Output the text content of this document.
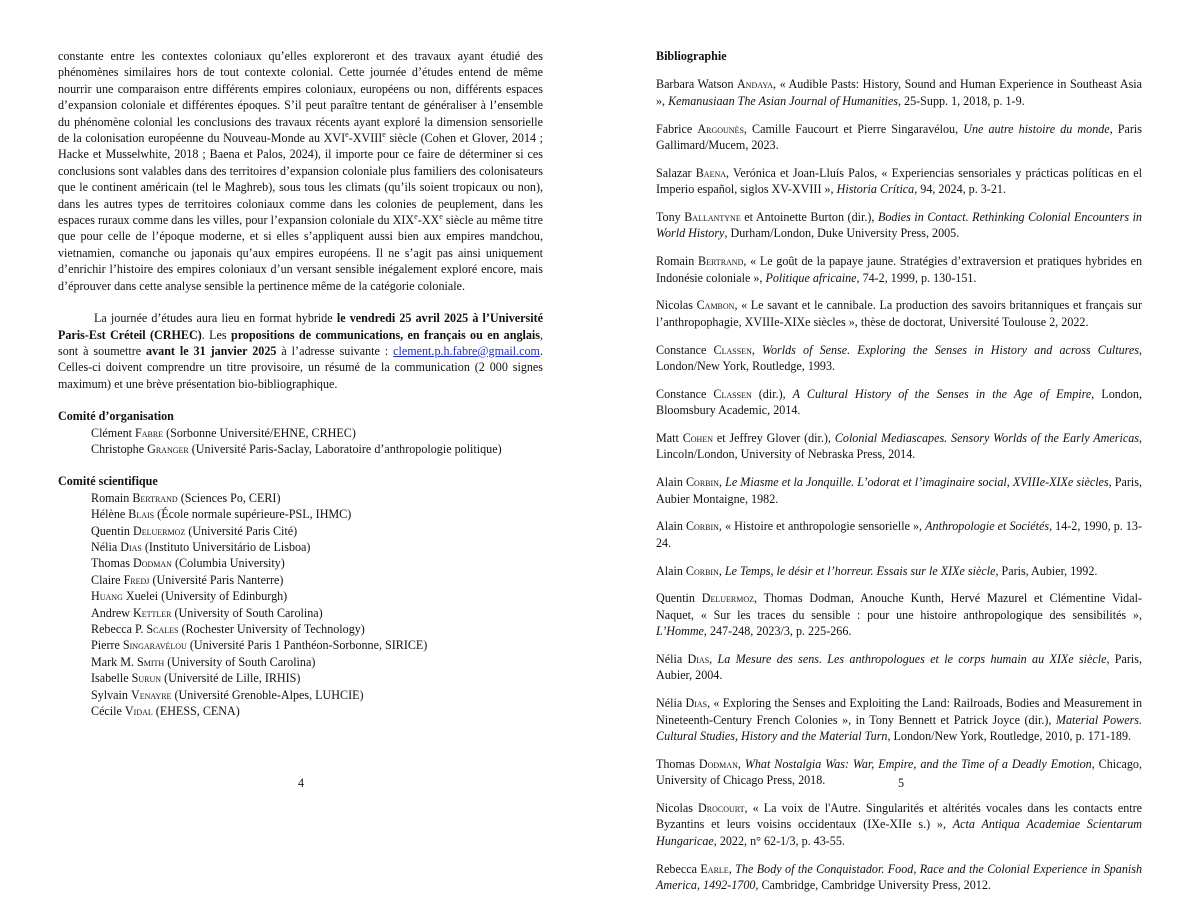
constante entre les contextes coloniaux qu’elles exploreront et des travaux ayant étudié des phénomènes similaires hors de tout contexte colonial. Cette journée d’études entend de même nourrir une comparaison entre différents empires coloniaux, européens ou non, différents espaces d’expansion coloniale et différentes époques. S’il peut paraître tentant de généraliser à l’ensemble du phénomène colonial les conclusions des travaux récents ayant exploré la dimension sensorielle de la colonisation européenne du Nouveau-Monde au XVIe-XVIIIe siècle (Cohen et Glover, 2014 ; Hacke et Musselwhite, 2018 ; Baena et Palos, 2024), il importe pour ce faire de déterminer si ces conclusions sont valables dans des territoires d’expansion coloniale plus familiers des colonisateurs que le continent américain (tel le Maghreb), sous tous les climats (qu’ils soient tropicaux ou non), dans les autres types de territoires coloniaux comme dans les colonies de peuplement, dans les espaces ruraux comme dans les villes, pour l’expansion coloniale du XIXe-XXe siècle au même titre que pour celle de l’époque moderne, et si elles s’appliquent aussi bien aux empires mandchou, vietnamien, comanche ou japonais qu’aux empires européens. Il ne s’agit pas ainsi uniquement d’enrichir l’histoire des empires coloniaux d’un versant sensible inégalement exploré encore, mais d’éprouver dans cette analyse sensible la pertinence même de la catégorie coloniale.

La journée d’études aura lieu en format hybride le vendredi 25 avril 2025 à l’Université Paris-Est Créteil (CRHEC). Les propositions de communications, en français ou en anglais, sont à soumettre avant le 31 janvier 2025 à l’adresse suivante : clement.p.h.fabre@gmail.com. Celles-ci doivent comprendre un titre provisoire, un résumé de la communication (2 000 signes maximum) et une brève présentation bio-bibliographique.

Comité d’organisation
Clément Fabre (Sorbonne Université/EHNE, CRHEC)
Christophe Granger (Université Paris-Saclay, Laboratoire d’anthropologie politique)
Comité scientifique
Romain Bertrand (Sciences Po, CERI)
Hélène Blais (École normale supérieure-PSL, IHMC)
Quentin Deluermoz (Université Paris Cité)
Nélia Dias (Instituto Universitário de Lisboa)
Thomas Dodman (Columbia University)
Claire Fredj (Université Paris Nanterre)
Huang Xuelei (University of Edinburgh)
Andrew Kettler (University of South Carolina)
Rebecca P. Scales (Rochester University of Technology)
Pierre Singaravélou (Université Paris 1 Panthéon-Sorbonne, SIRICE)
Mark M. Smith (University of South Carolina)
Isabelle Surun (Université de Lille, IRHIS)
Sylvain Venayre (Université Grenoble-Alpes, LUHCIE)
Cécile Vidal (EHESS, CENA)
4
Bibliographie

Barbara Watson Andaya, « Audible Pasts: History, Sound and Human Experience in Southeast Asia », Kemanusiaan The Asian Journal of Humanities, 25-Supp. 1, 2018, p. 1-9.

Fabrice Argounès, Camille Faucourt et Pierre Singaravélou, Une autre histoire du monde, Paris Gallimard/Mucem, 2023.

Salazar Baena, Verónica et Joan-Lluís Palos, « Experiencias sensoriales y prácticas políticas en el Imperio español, siglos XV-XVIII », Historia Crítica, 94, 2024, p. 3-21.

Tony Ballantyne et Antoinette Burton (dir.), Bodies in Contact. Rethinking Colonial Encounters in World History, Durham/London, Duke University Press, 2005.

Romain Bertrand, « Le goût de la papaye jaune. Stratégies d’extraversion et pratiques hybrides en Indonésie coloniale », Politique africaine, 74-2, 1999, p. 130-151.

Nicolas Cambon, « Le savant et le cannibale. La production des savoirs britanniques et français sur l’anthropophagie, XVIIIe-XIXe siècles », thèse de doctorat, Université Toulouse 2, 2022.

Constance Classen, Worlds of Sense. Exploring the Senses in History and across Cultures, London/New York, Routledge, 1993.

Constance Classen (dir.), A Cultural History of the Senses in the Age of Empire, London, Bloomsbury Academic, 2014.

Matt Cohen et Jeffrey Glover (dir.), Colonial Mediascapes. Sensory Worlds of the Early Americas, Lincoln/London, University of Nebraska Press, 2014.

Alain Corbin, Le Miasme et la Jonquille. L’odorat et l’imaginaire social, XVIIIe-XIXe siècles, Paris, Aubier Montaigne, 1982.

Alain Corbin, « Histoire et anthropologie sensorielle », Anthropologie et Sociétés, 14-2, 1990, p. 13-24.

Alain Corbin, Le Temps, le désir et l’horreur. Essais sur le XIXe siècle, Paris, Aubier, 1992.

Quentin Deluermoz, Thomas Dodman, Anouche Kunth, Hervé Mazurel et Clémentine Vidal-Naquet, « Sur les traces du sensible : pour une histoire anthropologique des sensibilités », L’Homme, 247-248, 2023/3, p. 225-266.

Nélia Dias, La Mesure des sens. Les anthropologues et le corps humain au XIXe siècle, Paris, Aubier, 2004.

Nélia Dias, « Exploring the Senses and Exploiting the Land: Railroads, Bodies and Measurement in Nineteenth-Century French Colonies », in Tony Bennett et Patrick Joyce (dir.), Material Powers. Cultural Studies, History and the Material Turn, London/New York, Routledge, 2010, p. 171-189.

Thomas Dodman, What Nostalgia Was: War, Empire, and the Time of a Deadly Emotion, Chicago, University of Chicago Press, 2018.

Nicolas Drocourt, « La voix de l'Autre. Singularités et altérités vocales dans les contacts entre Byzantins et leurs voisins occidentaux (IXe-XIIe s.) », Acta Antiqua Academiae Scientarum Hungaricae, 2022, n° 62-1/3, p. 43-55.

Rebecca Earle, The Body of the Conquistador. Food, Race and the Colonial Experience in Spanish America, 1492-1700, Cambridge, Cambridge University Press, 2012.

5
